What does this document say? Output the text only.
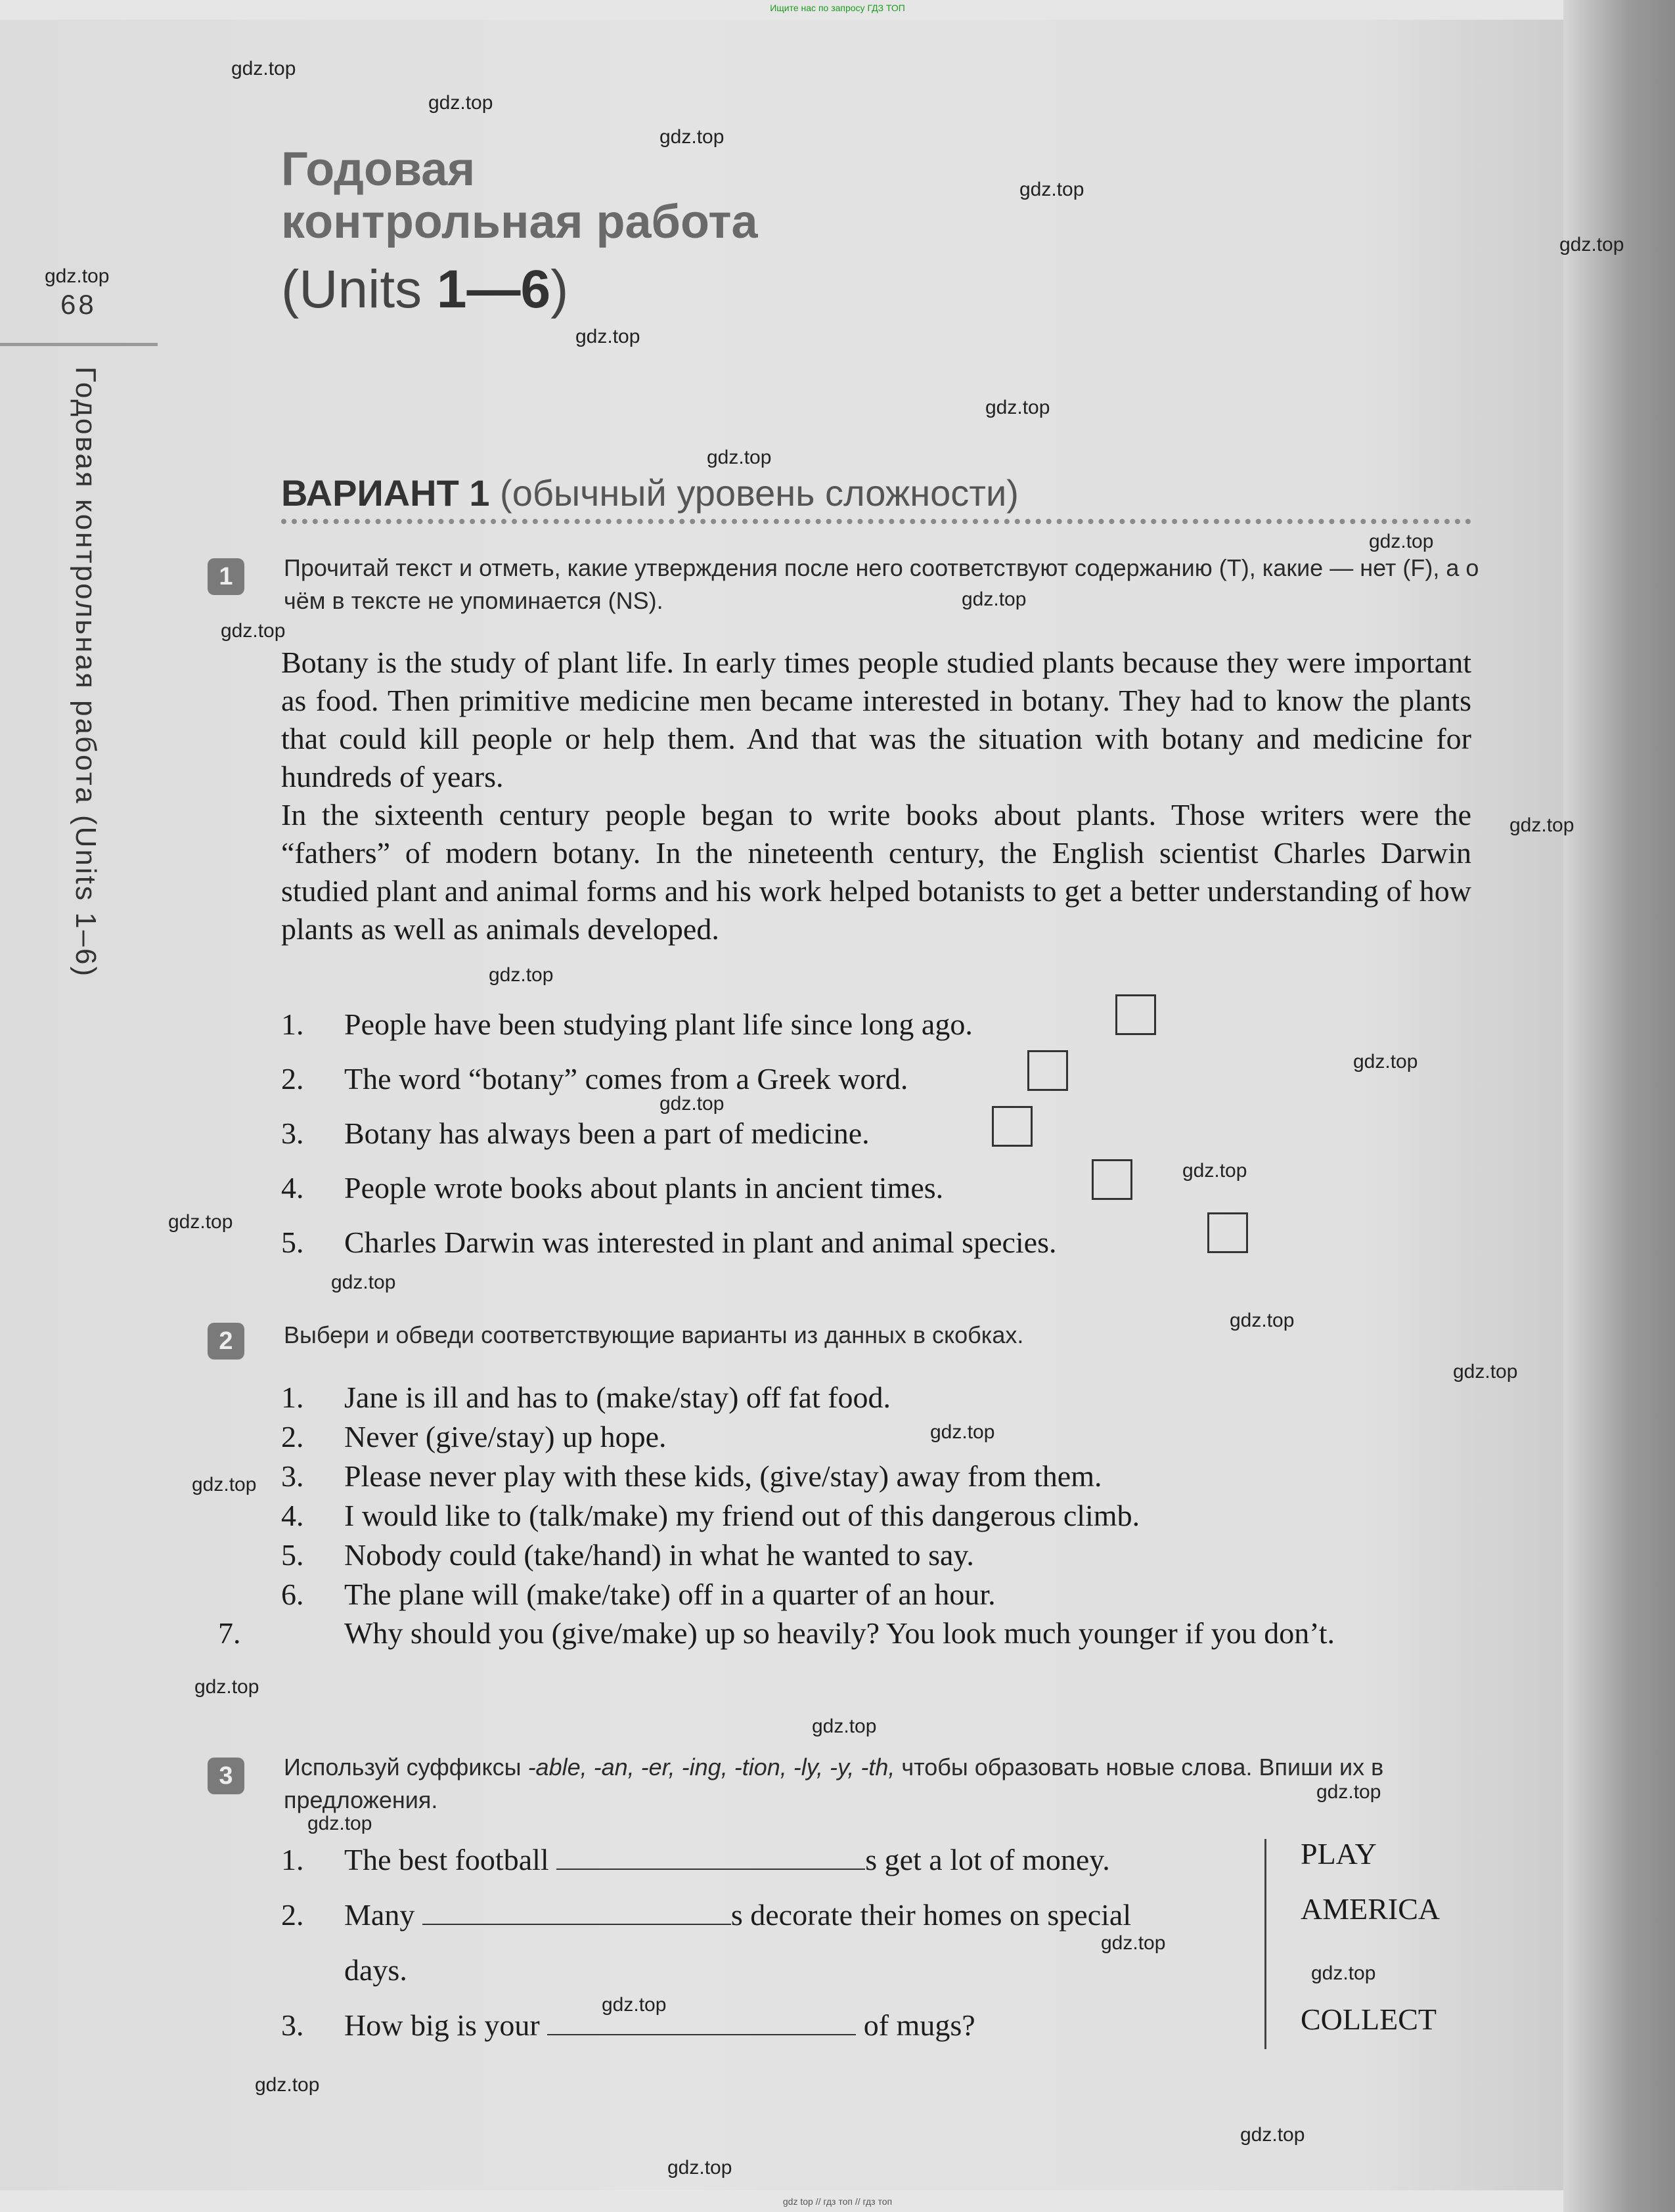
Ищите нас по запросу ГДЗ ТОП
68
Годовая контрольная работа (Units 1–6)
Годовая
контрольная работа
(Units 1—6)
ВАРИАНТ 1 (обычный уровень сложности)
1	Прочитай текст и отметь, какие утверждения после него соответствуют содержанию (T), какие — нет (F), а о чём в тексте не упоминается (NS).
Botany is the study of plant life. In early times people studied plants because they were important as food. Then primitive medicine men became interested in botany. They had to know the plants that could kill people or help them. And that was the situation with botany and medicine for hundreds of years.
In the sixteenth century people began to write books about plants. Those writers were the “fathers” of modern botany. In the nineteenth century, the English scientist Charles Darwin studied plant and animal forms and his work helped botanists to get a better understanding of how plants as well as animals developed.
1. People have been studying plant life since long ago.
2. The word “botany” comes from a Greek word.
3. Botany has always been a part of medicine.
4. People wrote books about plants in ancient times.
5. Charles Darwin was interested in plant and animal species.
2	Выбери и обведи соответствующие варианты из данных в скобках.
1. Jane is ill and has to (make/stay) off fat food.
2. Never (give/stay) up hope.
3. Please never play with these kids, (give/stay) away from them.
4. I would like to (talk/make) my friend out of this dangerous climb.
5. Nobody could (take/hand) in what he wanted to say.
6. The plane will (make/take) off in a quarter of an hour.
7.	Why should you (give/make) up so heavily? You look much younger if you don’t.
3	Используй суффиксы -able, -an, -er, -ing, -tion, -ly, -y, -th, чтобы образовать новые слова. Впиши их в предложения.
1. The best football	s get a lot of money.
2. Many	s decorate their homes on special
days.
3. How big is your	of mugs?
PLAY
AMERICA
COLLECT
gdz.top
gdz.top
gdz.top
gdz.top
gdz.top
gdz.top
gdz.top
gdz.top
gdz.top
gdz.top
gdz.top
gdz.top
gdz.top
gdz.top
gdz.top
gdz.top
gdz.top
gdz.top
gdz.top
gdz.top
gdz.top
gdz.top
gdz.top
gdz.top
gdz.top
gdz.top
gdz.top
gdz.top
gdz.top
gdz.top
gdz.top
gdz.top
gdz.top
gdz top // гдз топ // гдз топ
